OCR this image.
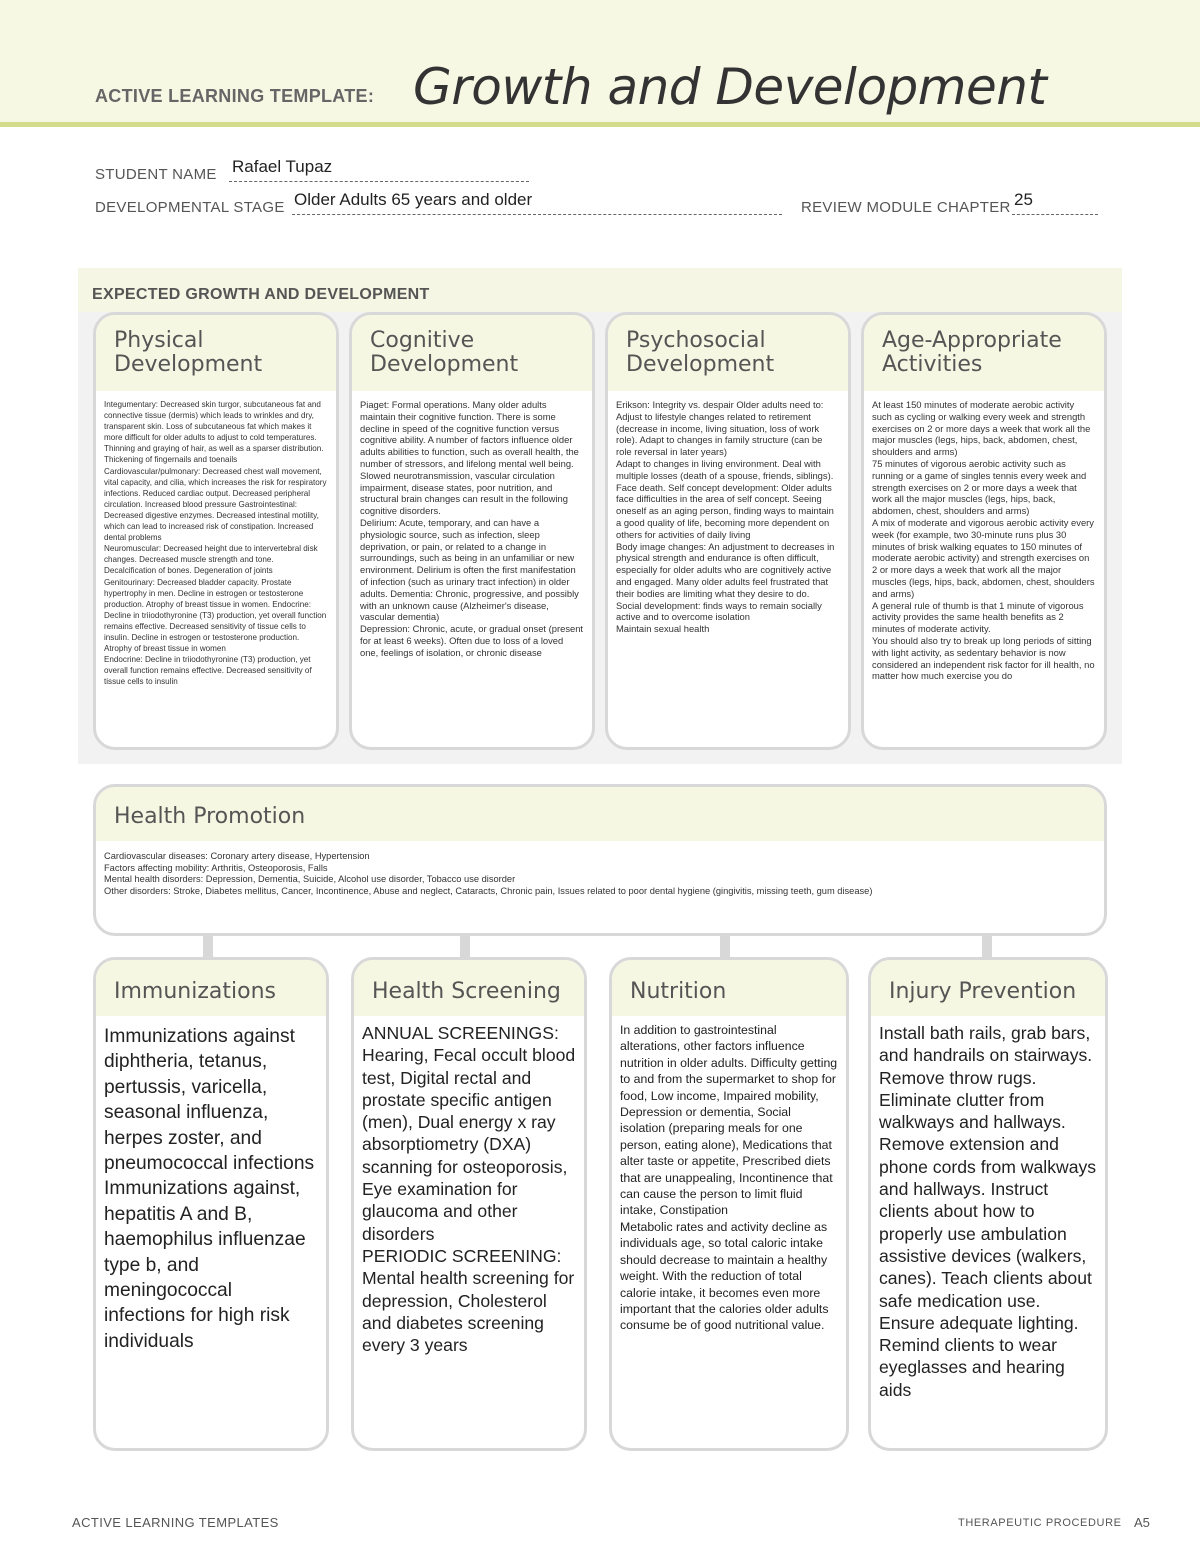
ACTIVE LEARNING TEMPLATE: Growth and Development
STUDENT NAME Rafael Tupaz
DEVELOPMENTAL STAGE Older Adults 65 years and older	REVIEW MODULE CHAPTER 25
EXPECTED GROWTH AND DEVELOPMENT
Physical
Development
Integumentary: Decreased skin turgor, subcutaneous fat and connective tissue (dermis) which leads to wrinkles and dry, transparent skin. Loss of subcutaneous fat which makes it more difficult for older adults to adjust to cold temperatures. Thinning and graying of hair, as well as a sparser distribution. Thickening of fingernails and toenails
Cardiovascular/pulmonary: Decreased chest wall movement, vital capacity, and cilia, which increases the risk for respiratory infections. Reduced cardiac output. Decreased peripheral circulation. Increased blood pressure Gastrointestinal: Decreased digestive enzymes. Decreased intestinal motility, which can lead to increased risk of constipation. Increased dental problems
Neuromuscular: Decreased height due to intervertebral disk changes. Decreased muscle strength and tone. Decalcification of bones. Degeneration of joints
Genitourinary: Decreased bladder capacity. Prostate hypertrophy in men. Decline in estrogen or testosterone production. Atrophy of breast tissue in women. Endocrine: Decline in triiodothyronine (T3) production, yet overall function remains effective. Decreased sensitivity of tissue cells to insulin. Decline in estrogen or testosterone production. Atrophy of breast tissue in women
Endocrine: Decline in triiodothyronine (T3) production, yet overall function remains effective. Decreased sensitivity of tissue cells to insulin
Cognitive
Development
Piaget: Formal operations. Many older adults maintain their cognitive function. There is some decline in speed of the cognitive function versus cognitive ability. A number of factors influence older adults abilities to function, such as overall health, the number of stressors, and lifelong mental well being. Slowed neurotransmission, vascular circulation impairment, disease states, poor nutrition, and structural brain changes can result in the following cognitive disorders.
Delirium: Acute, temporary, and can have a physiologic source, such as infection, sleep deprivation, or pain, or related to a change in surroundings, such as being in an unfamiliar or new environment. Delirium is often the first manifestation of infection (such as urinary tract infection) in older adults. Dementia: Chronic, progressive, and possibly with an unknown cause (Alzheimer's disease, vascular dementia)
Depression: Chronic, acute, or gradual onset (present for at least 6 weeks). Often due to loss of a loved one, feelings of isolation, or chronic disease
Psychosocial
Development
Erikson: Integrity vs. despair Older adults need to: Adjust to lifestyle changes related to retirement (decrease in income, living situation, loss of work role). Adapt to changes in family structure (can be role reversal in later years)
Adapt to changes in living environment. Deal with multiple losses (death of a spouse, friends, siblings). Face death. Self concept development: Older adults face difficulties in the area of self concept. Seeing oneself as an aging person, finding ways to maintain a good quality of life, becoming more dependent on others for activities of daily living
Body image changes: An adjustment to decreases in physical strength and endurance is often difficult, especially for older adults who are cognitively active and engaged. Many older adults feel frustrated that their bodies are limiting what they desire to do.
Social development: finds ways to remain socially active and to overcome isolation
Maintain sexual health
Age-Appropriate
Activities
At least 150 minutes of moderate aerobic activity such as cycling or walking every week and strength exercises on 2 or more days a week that work all the major muscles (legs, hips, back, abdomen, chest, shoulders and arms)
75 minutes of vigorous aerobic activity such as running or a game of singles tennis every week and strength exercises on 2 or more days a week that work all the major muscles (legs, hips, back, abdomen, chest, shoulders and arms)
A mix of moderate and vigorous aerobic activity every week (for example, two 30-minute runs plus 30 minutes of brisk walking equates to 150 minutes of moderate aerobic activity) and strength exercises on 2 or more days a week that work all the major muscles (legs, hips, back, abdomen, chest, shoulders and arms)
A general rule of thumb is that 1 minute of vigorous activity provides the same health benefits as 2 minutes of moderate activity.
You should also try to break up long periods of sitting with light activity, as sedentary behavior is now considered an independent risk factor for ill health, no matter how much exercise you do
Health Promotion
Cardiovascular diseases: Coronary artery disease, Hypertension
Factors affecting mobility: Arthritis, Osteoporosis, Falls
Mental health disorders: Depression, Dementia, Suicide, Alcohol use disorder, Tobacco use disorder
Other disorders: Stroke, Diabetes mellitus, Cancer, Incontinence, Abuse and neglect, Cataracts, Chronic pain, Issues related to poor dental hygiene (gingivitis, missing teeth, gum disease)
Immunizations
Immunizations against diphtheria, tetanus, pertussis, varicella, seasonal influenza, herpes zoster, and pneumococcal infections
Immunizations against, hepatitis A and B, haemophilus influenzae type b, and meningococcal infections for high risk individuals
Health Screening
ANNUAL SCREENINGS: Hearing, Fecal occult blood test, Digital rectal and prostate specific antigen (men), Dual energy x ray absorptiometry (DXA) scanning for osteoporosis, Eye examination for glaucoma and other disorders
PERIODIC SCREENING: Mental health screening for depression, Cholesterol and diabetes screening every 3 years
Nutrition
In addition to gastrointestinal alterations, other factors influence nutrition in older adults. Difficulty getting to and from the supermarket to shop for food, Low income, Impaired mobility, Depression or dementia, Social isolation (preparing meals for one person, eating alone), Medications that alter taste or appetite, Prescribed diets that are unappealing, Incontinence that can cause the person to limit fluid intake, Constipation
Metabolic rates and activity decline as individuals age, so total caloric intake should decrease to maintain a healthy weight. With the reduction of total calorie intake, it becomes even more important that the calories older adults consume be of good nutritional value.
Injury Prevention
Install bath rails, grab bars, and handrails on stairways. Remove throw rugs. Eliminate clutter from walkways and hallways. Remove extension and phone cords from walkways and hallways. Instruct clients about how to properly use ambulation assistive devices (walkers, canes). Teach clients about safe medication use. Ensure adequate lighting. Remind clients to wear eyeglasses and hearing aids
ACTIVE LEARNING TEMPLATES	THERAPEUTIC PROCEDURE A5
